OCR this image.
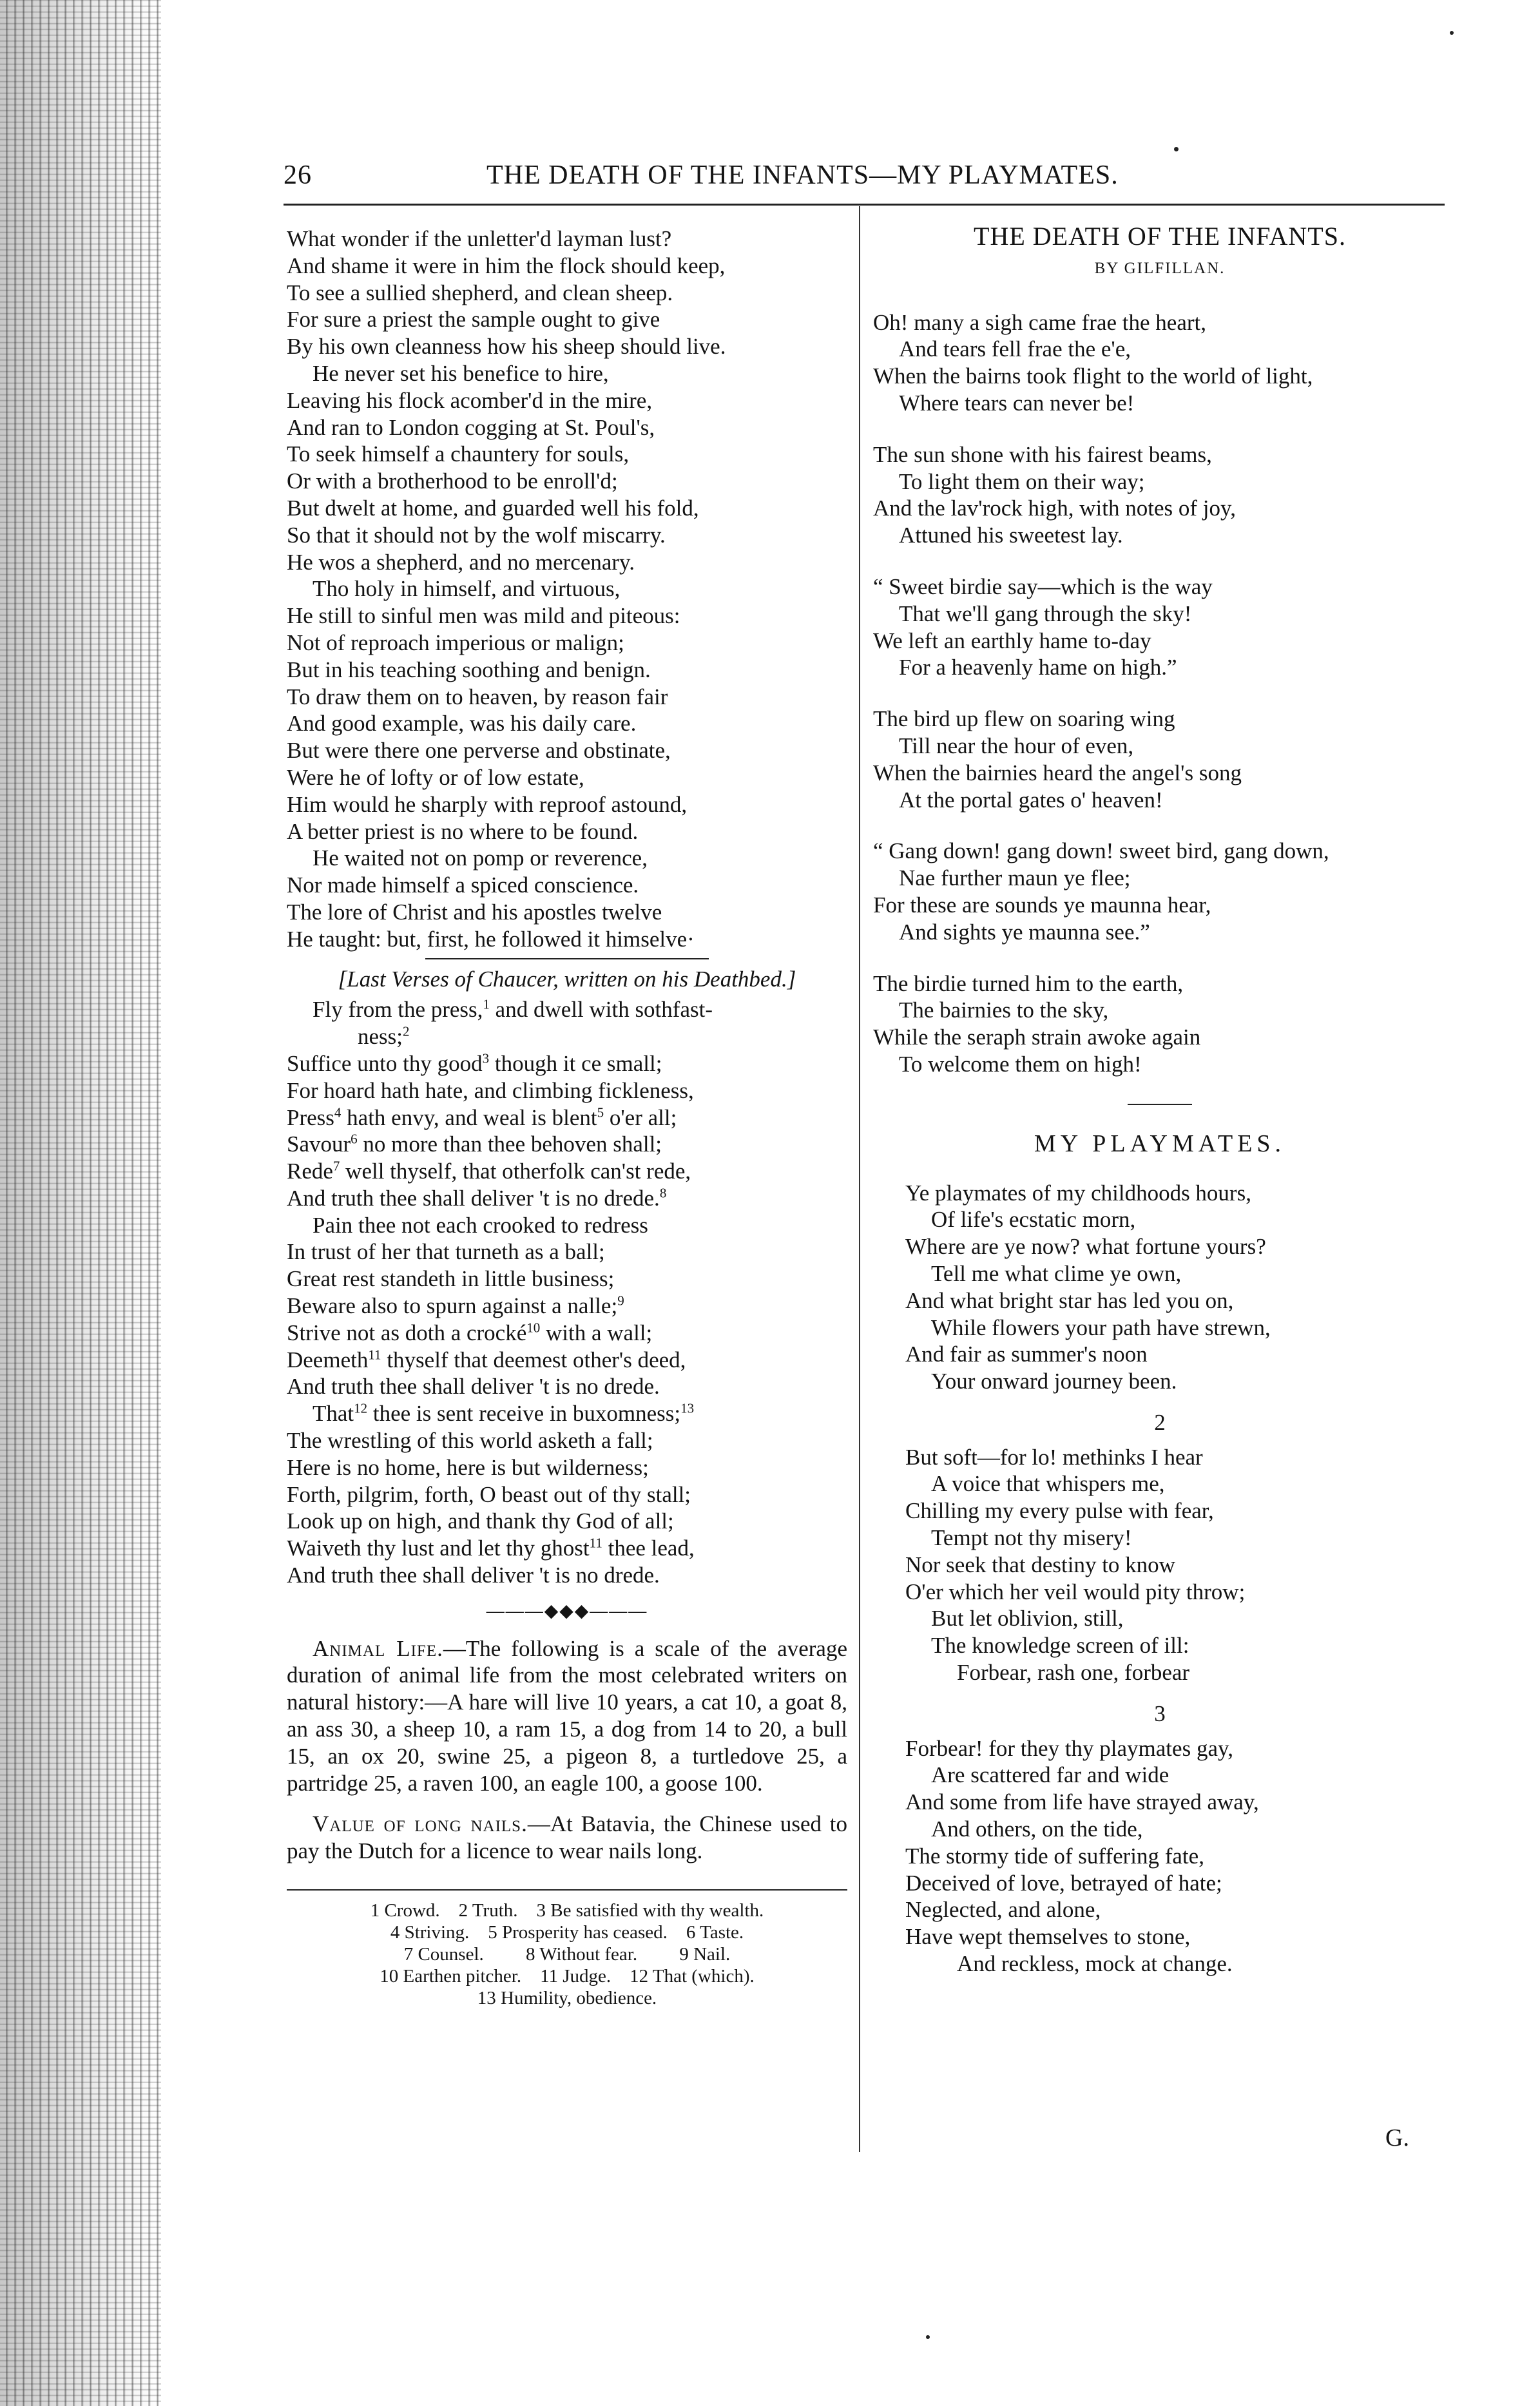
26	THE DEATH OF THE INFANTS—MY PLAYMATES.
What wonder if the unletter'd layman lust?
And shame it were in him the flock should keep,
To see a sullied shepherd, and clean sheep.
For sure a priest the sample ought to give
By his own cleanness how his sheep should live.
He never set his benefice to hire,
Leaving his flock acomber'd in the mire,
And ran to London cogging at St. Poul's,
To seek himself a chauntery for souls,
Or with a brotherhood to be enroll'd;
But dwelt at home, and guarded well his fold,
So that it should not by the wolf miscarry.
He wos a shepherd, and no mercenary.
Tho holy in himself, and virtuous,
He still to sinful men was mild and piteous:
Not of reproach imperious or malign;
But in his teaching soothing and benign.
To draw them on to heaven, by reason fair
And good example, was his daily care.
But were there one perverse and obstinate,
Were he of lofty or of low estate,
Him would he sharply with reproof astound,
A better priest is no where to be found.
He waited not on pomp or reverence,
Nor made himself a spiced conscience.
The lore of Christ and his apostles twelve
He taught: but, first, he followed it himselve·
[Last Verses of Chaucer, written on his Deathbed.]
Fly from the press,$^1$ and dwell with sothfast-
ness;$^2$
Suffice unto thy good$^3$ though it ce small;
For hoard hath hate, and climbing fickleness,
Press$^4$ hath envy, and weal is blent$^5$ o'er all;
Savour$^6$ no more than thee behoven shall;
Rede$^7$ well thyself, that otherfolk can'st rede,
And truth thee shall deliver 't is no drede.$^8$
Pain thee not each crooked to redress
In trust of her that turneth as a ball;
Great rest standeth in little business;
Beware also to spurn against a nalle;$^9$
Strive not as doth a crocké$^{10}$ with a wall;
Deemeth$^{11}$ thyself that deemest other's deed,
And truth thee shall deliver 't is no drede.
That$^{12}$ thee is sent receive in buxomness;$^{13}$
The wrestling of this world asketh a fall;
Here is no home, here is but wilderness;
Forth, pilgrim, forth, O beast out of thy stall;
Look up on high, and thank thy God of all;
Waiveth thy lust and let thy ghost$^{11}$ thee lead,
And truth thee shall deliver 't is no drede.
———◆◆◆———

Animal Life.—The following is a scale of the average duration of animal life from the most celebrated writers on natural history:—A hare will live 10 years, a cat 10, a goat 8, an ass 30, a sheep 10, a ram 15, a dog from 14 to 20, a bull 15, an ox 20, swine 25, a pigeon 8, a turtledove 25, a partridge 25, a raven 100, an eagle 100, a goose 100.

Value of long nails.—At Batavia, the Chinese used to pay the Dutch for a licence to wear nails long.

1 Crowd.    2 Truth.    3 Be satisfied with thy wealth.
4 Striving.    5 Prosperity has ceased.    6 Taste.
7 Counsel.         8 Without fear.         9 Nail.
10 Earthen pitcher.    11 Judge.    12 That (which).
13 Humility, obedience.
THE DEATH OF THE INFANTS.
BY GILFILLAN.
Oh! many a sigh came frae the heart,
And tears fell frae the e'e,
When the bairns took flight to the world of light,
Where tears can never be!
The sun shone with his fairest beams,
To light them on their way;
And the lav'rock high, with notes of joy,
Attuned his sweetest lay.
“ Sweet birdie say—which is the way
That we'll gang through the sky!
We left an earthly hame to-day
For a heavenly hame on high.”
The bird up flew on soaring wing
Till near the hour of even,
When the bairnies heard the angel's song
At the portal gates o' heaven!
“ Gang down! gang down! sweet bird, gang down,
Nae further maun ye flee;
For these are sounds ye maunna hear,
And sights ye maunna see.”
The birdie turned him to the earth,
The bairnies to the sky,
While the seraph strain awoke again
To welcome them on high!
MY PLAYMATES.
Ye playmates of my childhoods hours,
Of life's ecstatic morn,
Where are ye now? what fortune yours?
Tell me what clime ye own,
And what bright star has led you on,
While flowers your path have strewn,
And fair as summer's noon
Your onward journey been.
2
But soft—for lo! methinks I hear
A voice that whispers me,
Chilling my every pulse with fear,
Tempt not thy misery!
Nor seek that destiny to know
O'er which her veil would pity throw;
But let oblivion, still,
The knowledge screen of ill:
Forbear, rash one, forbear
3
Forbear! for they thy playmates gay,
Are scattered far and wide
And some from life have strayed away,
And others, on the tide,
The stormy tide of suffering fate,
Deceived of love, betrayed of hate;
Neglected, and alone,
Have wept themselves to stone,
And reckless, mock at change.
G.
